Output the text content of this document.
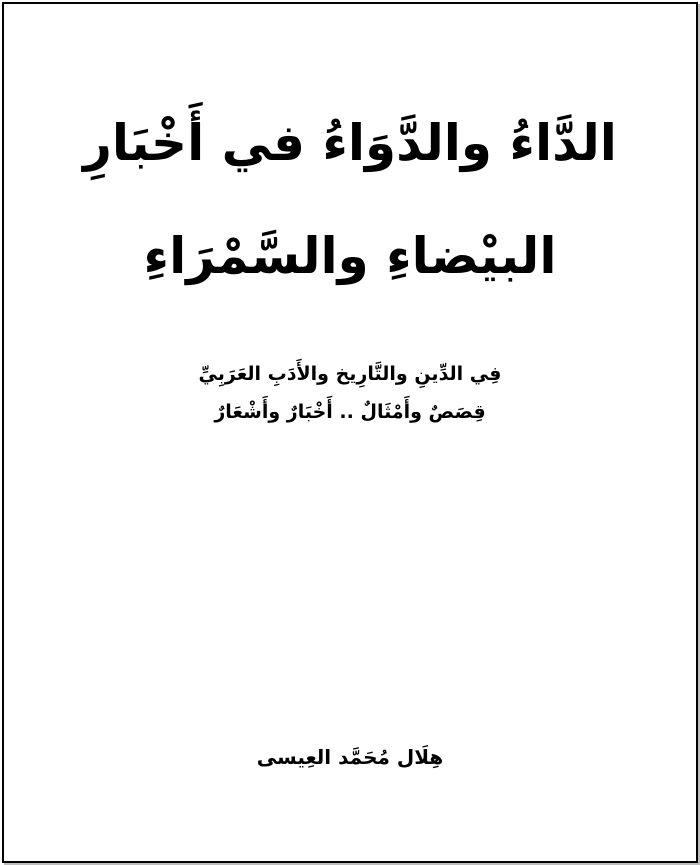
الدَّاءُ والدَّوَاءُ في أَخْبَارِ
البيْضاءِ والسَّمْرَاءِ

فِي الدِّينِ والتَّارِيخ والأَدَبِ العَرَبِيِّ

قِصَصٌ وأَمْثَالٌ .. أَخْبَارٌ وأَشْعَارٌ

هِلَال مُحَمَّد العِيسى
